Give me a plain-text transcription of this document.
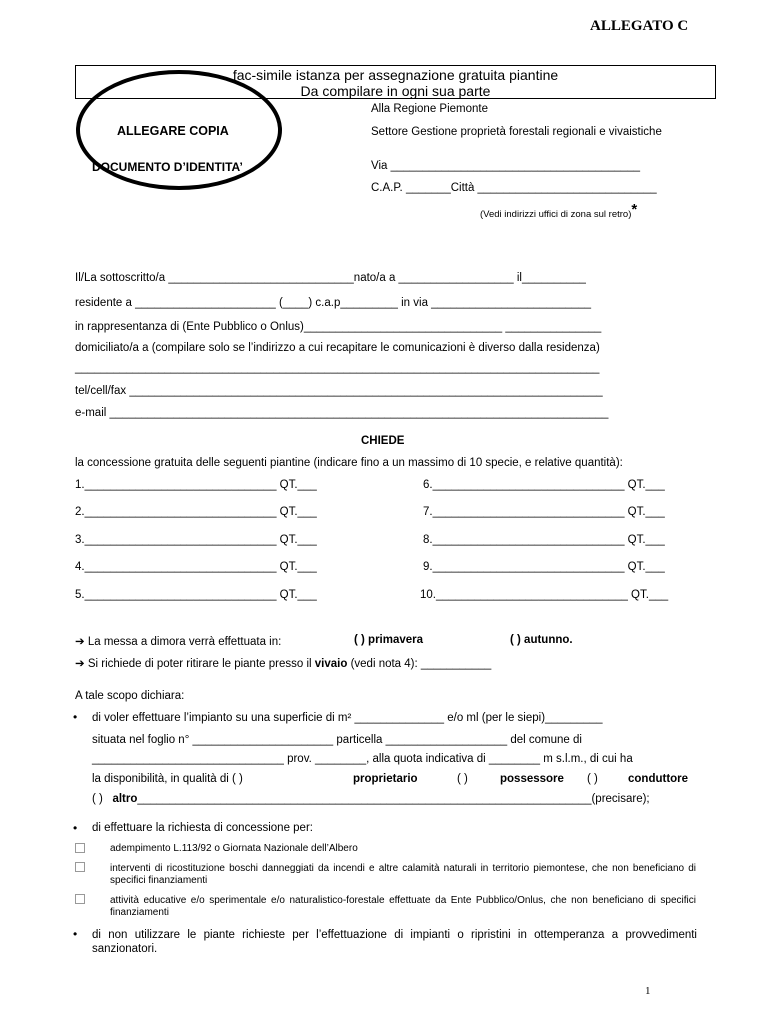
ALLEGATO C
fac-simile istanza per assegnazione gratuita piantine
Da compilare in ogni sua parte
ALLEGARE COPIA
DOCUMENTO D’IDENTITA’
Alla Regione Piemonte
Settore Gestione proprietà forestali regionali e vivaistiche
Via _______________________________________
C.A.P. _______Città ____________________________
(Vedi indirizzi uffici di zona sul retro)*
Il/La sottoscritto/a _____________________________nato/a a __________________ il__________
residente a ______________________ (____) c.a.p_________ in via _________________________
in rappresentanza di (Ente Pubblico o Onlus)_______________________________ _______________
domiciliato/a a (compilare solo se l’indirizzo a cui recapitare le comunicazioni è diverso dalla residenza)
__________________________________________________________________________________
tel/cell/fax __________________________________________________________________________
e-mail ______________________________________________________________________________
CHIEDE
la concessione gratuita delle seguenti piantine (indicare fino a un massimo di 10 specie, e relative quantità):
1.______________________________ QT.___
2.______________________________ QT.___
3.______________________________ QT.___
4.______________________________ QT.___
5.______________________________ QT.___
6.______________________________ QT.___
7.______________________________ QT.___
8.______________________________ QT.___
9.______________________________ QT.___
10.______________________________ QT.___
➔ La messa a dimora verrà effettuata in:	( ) primavera	( ) autunno.
➔ Si richiede di poter ritirare le piante presso il vivaio (vedi nota 4): ___________
A tale scopo dichiara:
• di voler effettuare l’impianto su una superficie di m² ______________ e/o ml (per le siepi)_________
situata nel foglio n° ______________________ particella ___________________ del comune di
______________________________ prov. ________, alla quota indicativa di ________ m s.l.m., di cui ha
la disponibilità, in qualità di ( )	proprietario	( )	possessore ( )	conduttore
( ) altro_______________________________________________________________________(precisare);
• di effettuare la richiesta di concessione per:
adempimento L.113/92 o Giornata Nazionale dell’Albero
interventi di ricostituzione boschi danneggiati da incendi e altre calamità naturali in territorio piemontese, che non beneficiano di specifici finanziamenti
attività educative e/o sperimentale e/o naturalistico-forestale effettuate da Ente Pubblico/Onlus, che non beneficiano di specifici finanziamenti
• di non utilizzare le piante richieste per l’effettuazione di impianti o ripristini in ottemperanza a provvedimenti sanzionatori.
1
